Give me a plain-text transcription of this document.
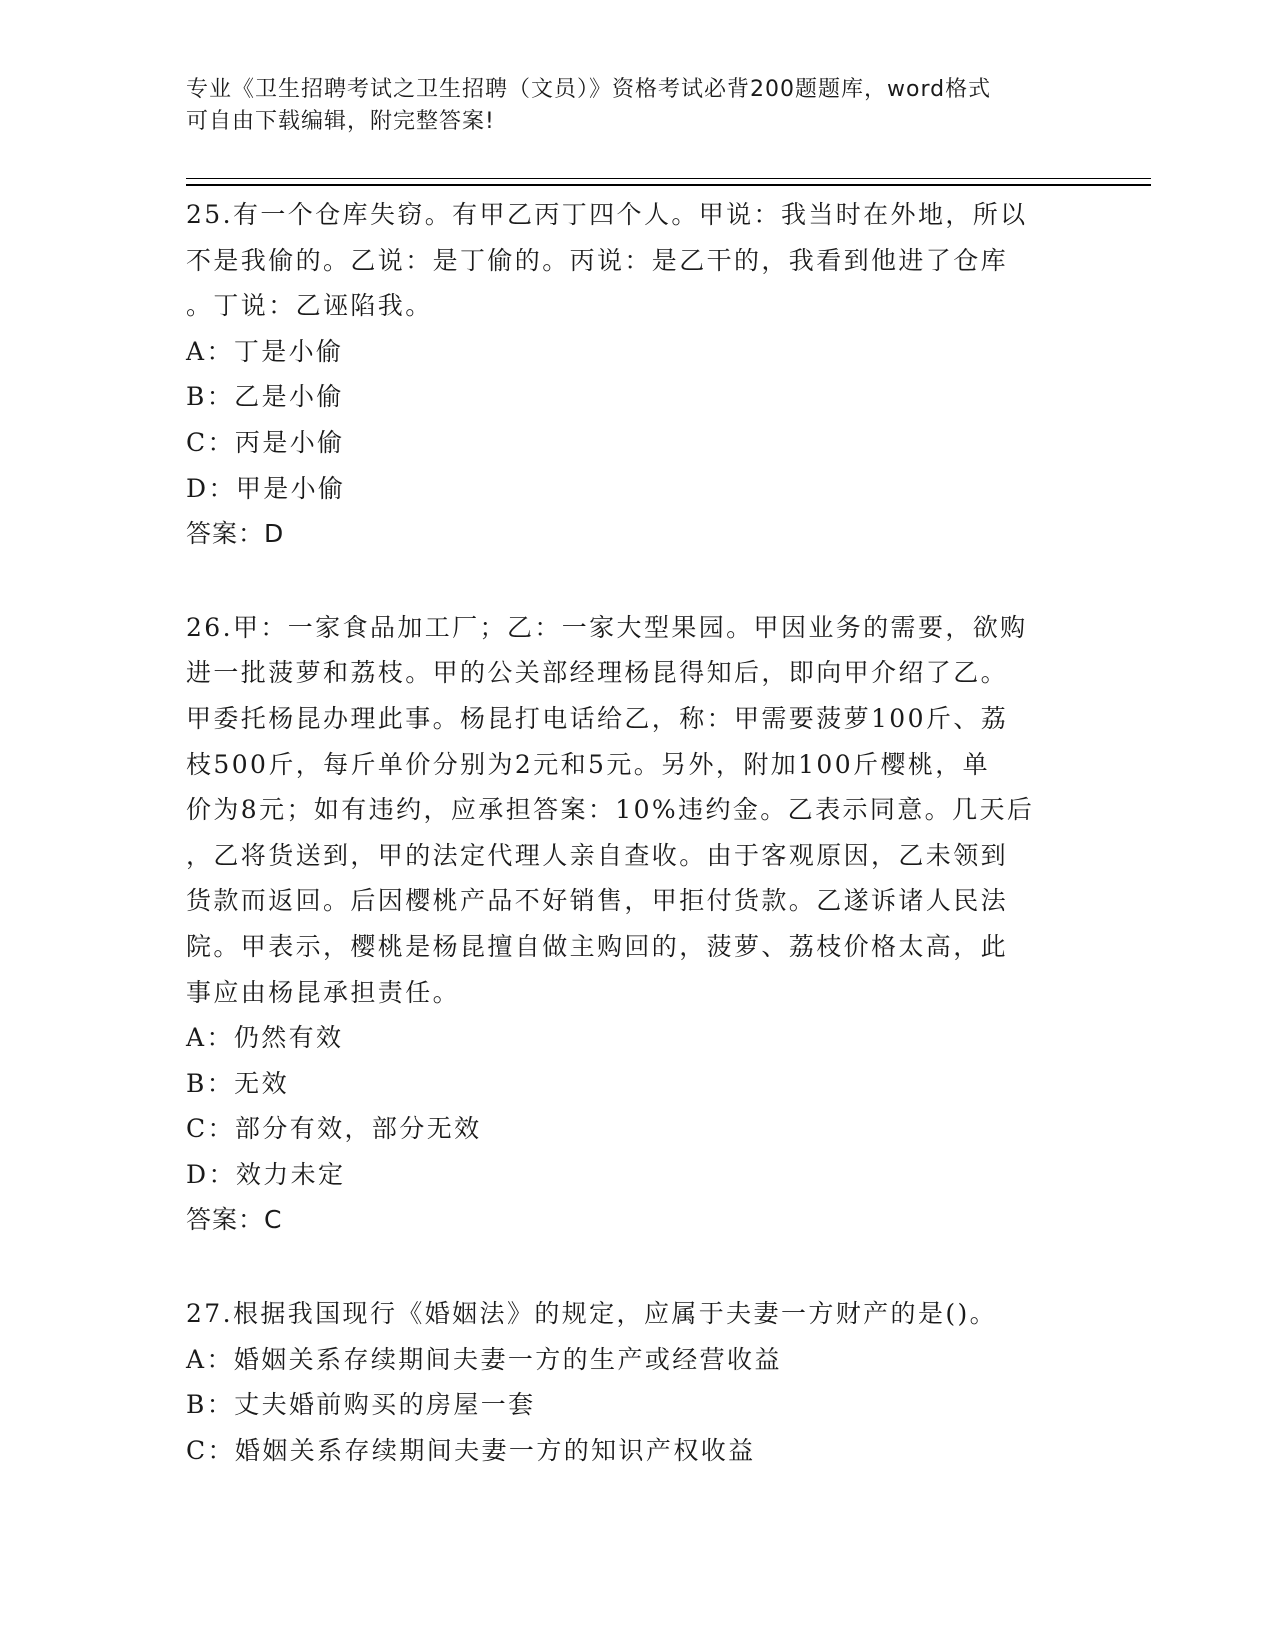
专业《卫生招聘考试之卫生招聘（文员）》资格考试必背200题题库，word格式
可自由下载编辑，附完整答案!
25.有一个仓库失窃。有甲乙丙丁四个人。甲说：我当时在外地，所以
不是我偷的。乙说：是丁偷的。丙说：是乙干的，我看到他进了仓库
。丁说：乙诬陷我。
A：丁是小偷
B：乙是小偷
C：丙是小偷
D：甲是小偷
答案：D
26.甲：一家食品加工厂；乙：一家大型果园。甲因业务的需要，欲购
进一批菠萝和荔枝。甲的公关部经理杨昆得知后，即向甲介绍了乙。
甲委托杨昆办理此事。杨昆打电话给乙，称：甲需要菠萝100斤、荔
枝500斤，每斤单价分别为2元和5元。另外，附加100斤樱桃，单
价为8元；如有违约，应承担答案：10%违约金。乙表示同意。几天后
，乙将货送到，甲的法定代理人亲自查收。由于客观原因，乙未领到
货款而返回。后因樱桃产品不好销售，甲拒付货款。乙遂诉诸人民法
院。甲表示，樱桃是杨昆擅自做主购回的，菠萝、荔枝价格太高，此
事应由杨昆承担责任。
A：仍然有效
B：无效
C：部分有效，部分无效
D：效力未定
答案：C
27.根据我国现行《婚姻法》的规定，应属于夫妻一方财产的是()。
A：婚姻关系存续期间夫妻一方的生产或经营收益
B：丈夫婚前购买的房屋一套
C：婚姻关系存续期间夫妻一方的知识产权收益
